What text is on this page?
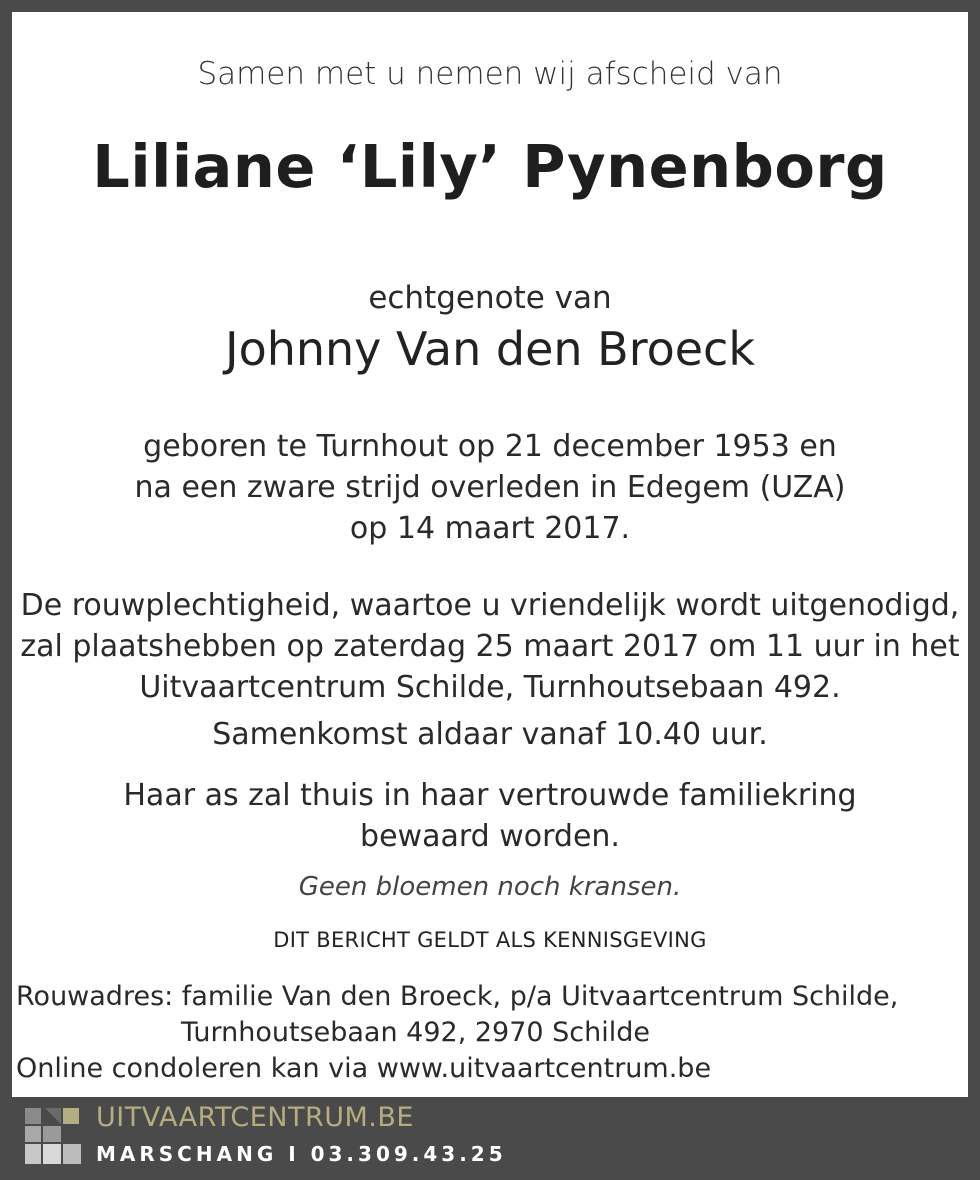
Samen met u nemen wij afscheid van
Liliane ‘Lily’ Pynenborg
echtgenote van
Johnny Van den Broeck
geboren te Turnhout op 21 december 1953 en
na een zware strijd overleden in Edegem (UZA)
op 14 maart 2017.
De rouwplechtigheid, waartoe u vriendelijk wordt uitgenodigd,
zal plaatshebben op zaterdag 25 maart 2017 om 11 uur in het
Uitvaartcentrum Schilde, Turnhoutsebaan 492.
Samenkomst aldaar vanaf 10.40 uur.
Haar as zal thuis in haar vertrouwde familiekring
bewaard worden.
Geen bloemen noch kransen.
DIT BERICHT GELDT ALS KENNISGEVING
Rouwadres: familie Van den Broeck, p/a Uitvaartcentrum Schilde,
Turnhoutsebaan 492, 2970 Schilde
Online condoleren kan via www.uitvaartcentrum.be
UITVAARTCENTRUM.BE
MARSCHANG I 03.309.43.25
